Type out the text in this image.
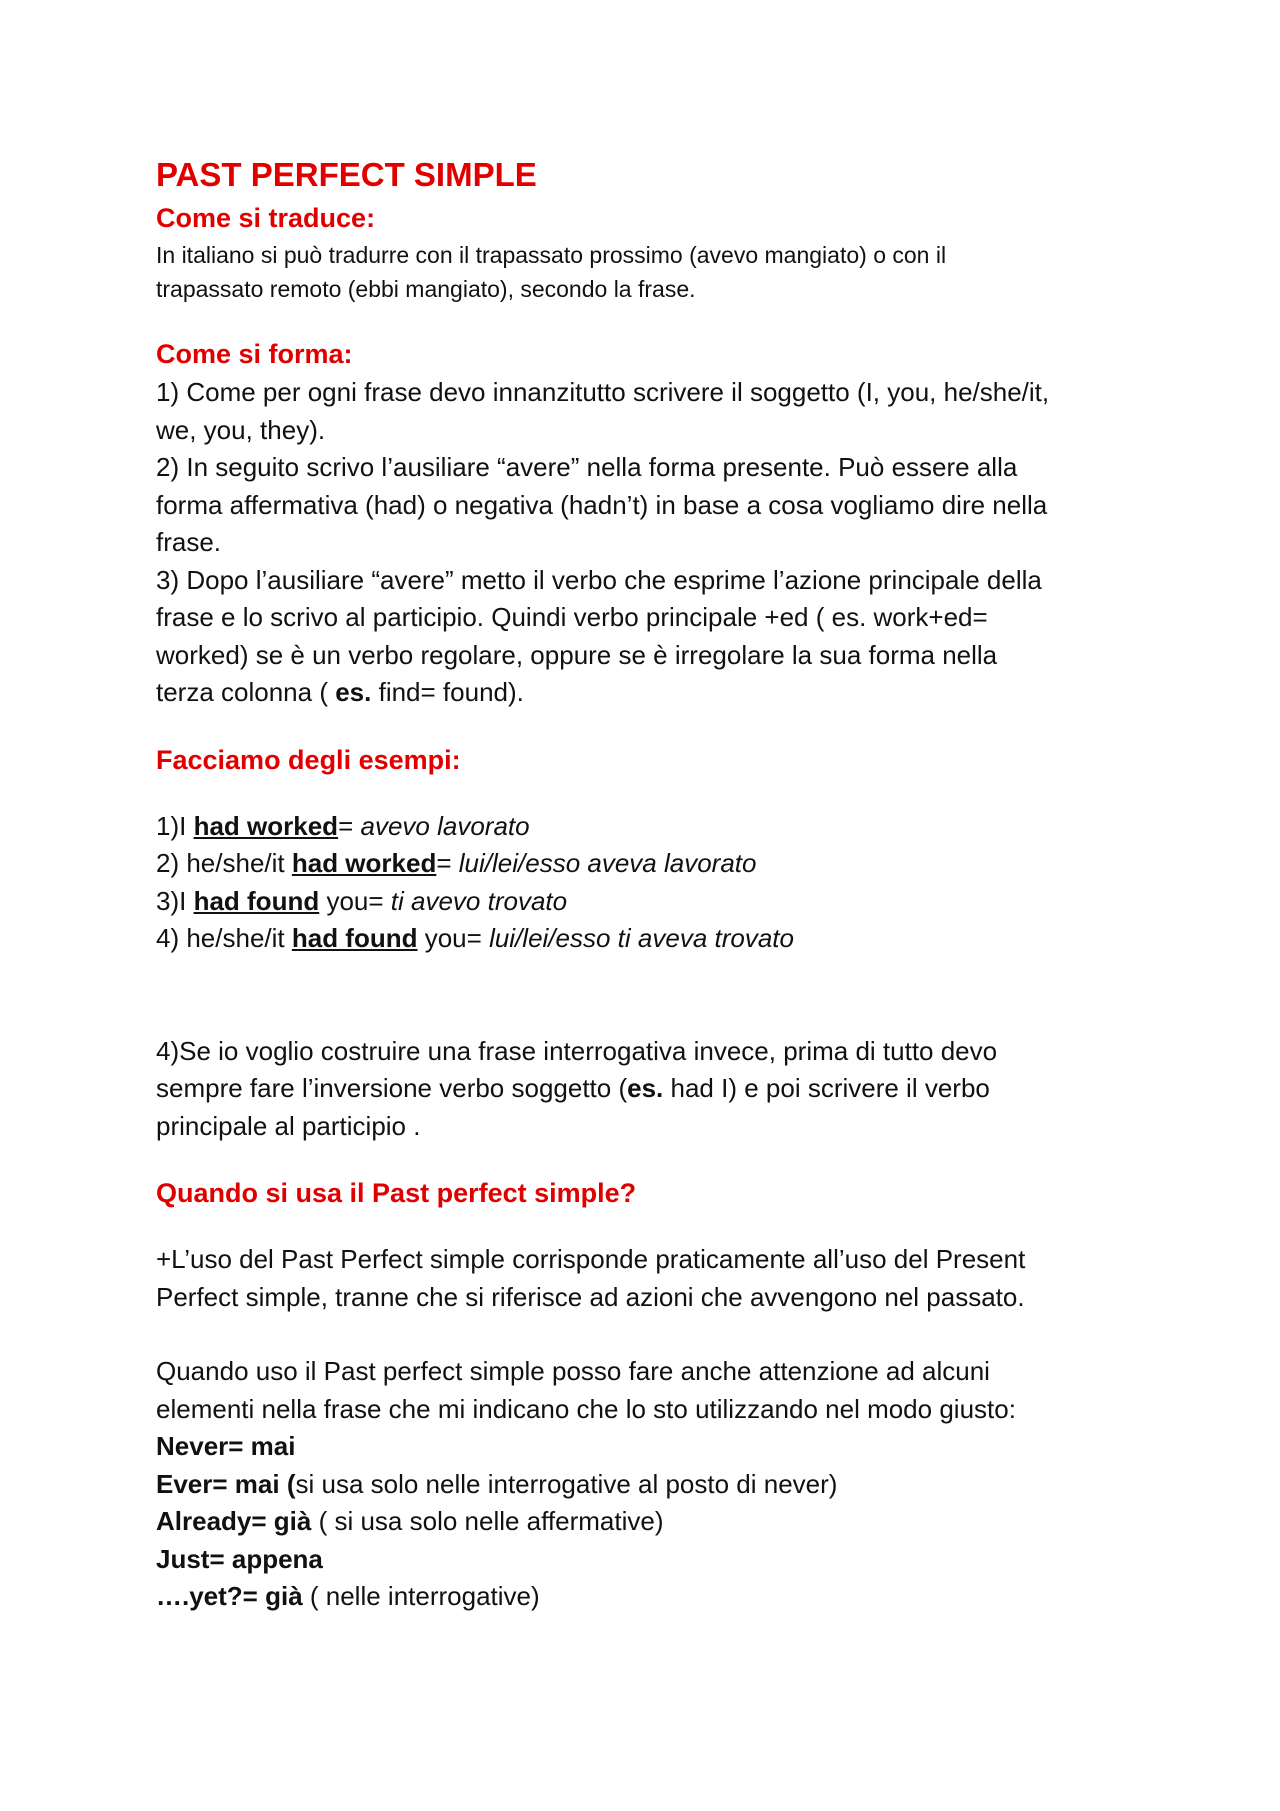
PAST PERFECT SIMPLE
Come si traduce:

In italiano si può tradurre con il trapassato prossimo (avevo mangiato) o con il

trapassato remoto (ebbi mangiato), secondo la frase.

Come si forma:

1) Come per ogni frase devo innanzitutto scrivere il soggetto (I, you, he/she/it,

we, you, they).

2) In seguito scrivo l’ausiliare “avere” nella forma presente. Può essere alla

forma affermativa (had) o negativa (hadn’t) in base a cosa vogliamo dire nella

frase.

3) Dopo l’ausiliare “avere” metto il verbo che esprime l’azione principale della

frase e lo scrivo al participio. Quindi verbo principale +ed ( es. work+ed=

worked) se è un verbo regolare, oppure se è irregolare la sua forma nella

terza colonna ( es. find= found).

Facciamo degli esempi:

1)I had worked= avevo lavorato

2) he/she/it had worked= lui/lei/esso aveva lavorato

3)I had found you= ti avevo trovato

4) he/she/it had found you= lui/lei/esso ti aveva trovato

4)Se io voglio costruire una frase interrogativa invece, prima di tutto devo

sempre fare l’inversione verbo soggetto (es. had I) e poi scrivere il verbo

principale al participio .

Quando si usa il Past perfect simple?

+L’uso del Past Perfect simple corrisponde praticamente all’uso del Present

Perfect simple, tranne che si riferisce ad azioni che avvengono nel passato.

Quando uso il Past perfect simple posso fare anche attenzione ad alcuni

elementi nella frase che mi indicano che lo sto utilizzando nel modo giusto:

Never= mai

Ever= mai (si usa solo nelle interrogative al posto di never)

Already= già ( si usa solo nelle affermative)

Just= appena

….yet?= già ( nelle interrogative)
